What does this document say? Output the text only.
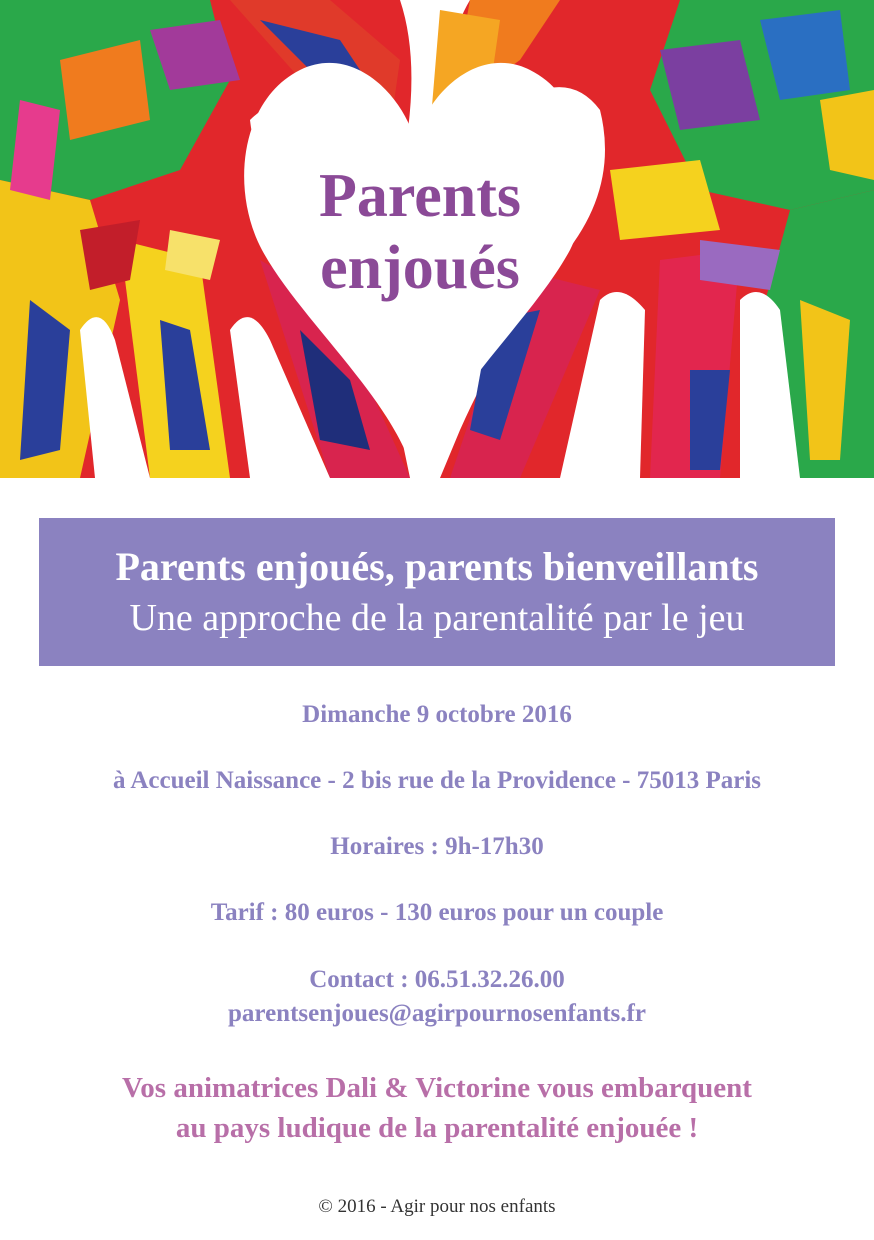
Parents
enjoués
Parents enjoués, parents bienveillants
Une approche de la parentalité par le jeu
Dimanche 9 octobre 2016
à Accueil Naissance - 2 bis rue de la Providence - 75013 Paris
Horaires : 9h-17h30
Tarif : 80 euros - 130 euros pour un couple
Contact : 06.51.32.26.00
parentsenjoues@agirpournosenfants.fr
Vos animatrices Dali & Victorine vous embarquent
au pays ludique de la parentalité enjouée !
© 2016 - Agir pour nos enfants
